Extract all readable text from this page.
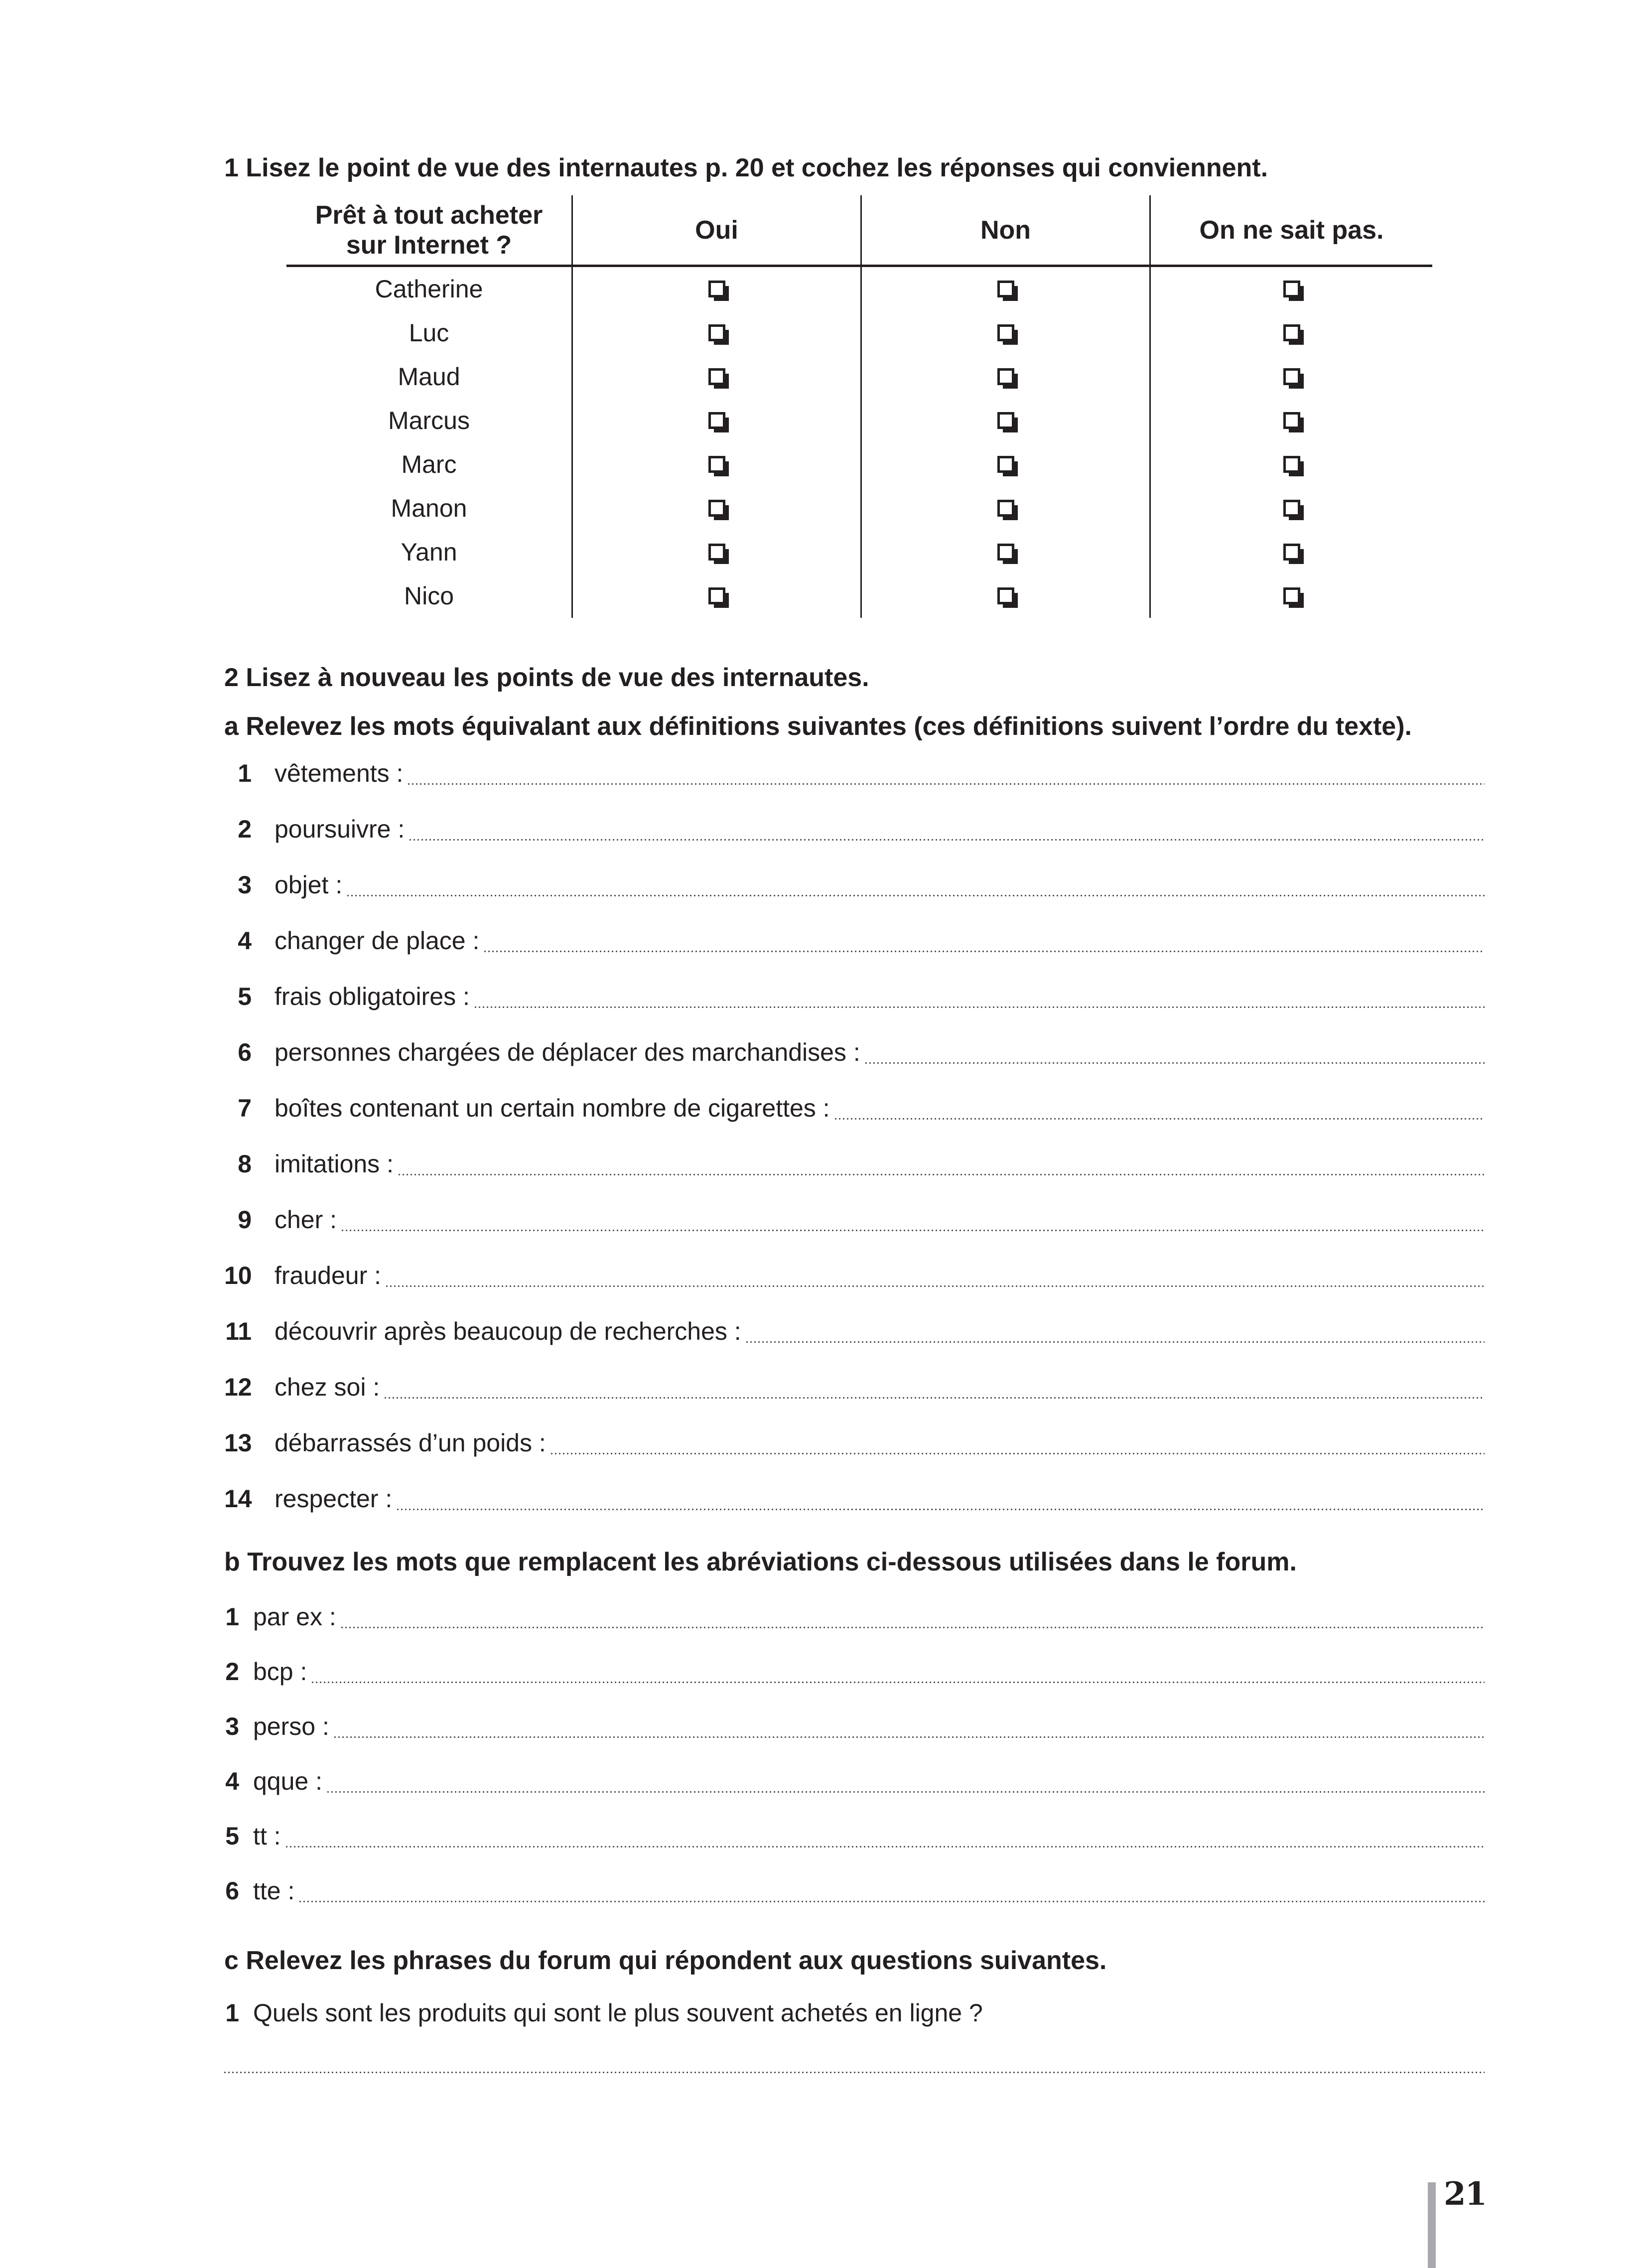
1 Lisez le point de vue des internautes p. 20 et cochez les réponses qui conviennent.
Prêt à tout acheter
sur Internet ?
Oui	Non	On ne sait pas.
Catherine
Luc
Maud
Marcus
Marc
Manon
Yann
Nico
2 Lisez à nouveau les points de vue des internautes.
a Relevez les mots équivalant aux définitions suivantes (ces définitions suivent l’ordre du texte).
1 vêtements :
2 poursuivre :
3 objet :
4 changer de place :
5 frais obligatoires :
6 personnes chargées de déplacer des marchandises :
7 boîtes contenant un certain nombre de cigarettes :
8 imitations :
9 cher :
10 fraudeur :
11 découvrir après beaucoup de recherches :
12 chez soi :
13 débarrassés d’un poids :
14 respecter :
b Trouvez les mots que remplacent les abréviations ci-dessous utilisées dans le forum.
1 par ex :
2 bcp :
3 perso :
4 qque :
5 tt :
6 tte :
c Relevez les phrases du forum qui répondent aux questions suivantes.
1 Quels sont les produits qui sont le plus souvent achetés en ligne ?
21
